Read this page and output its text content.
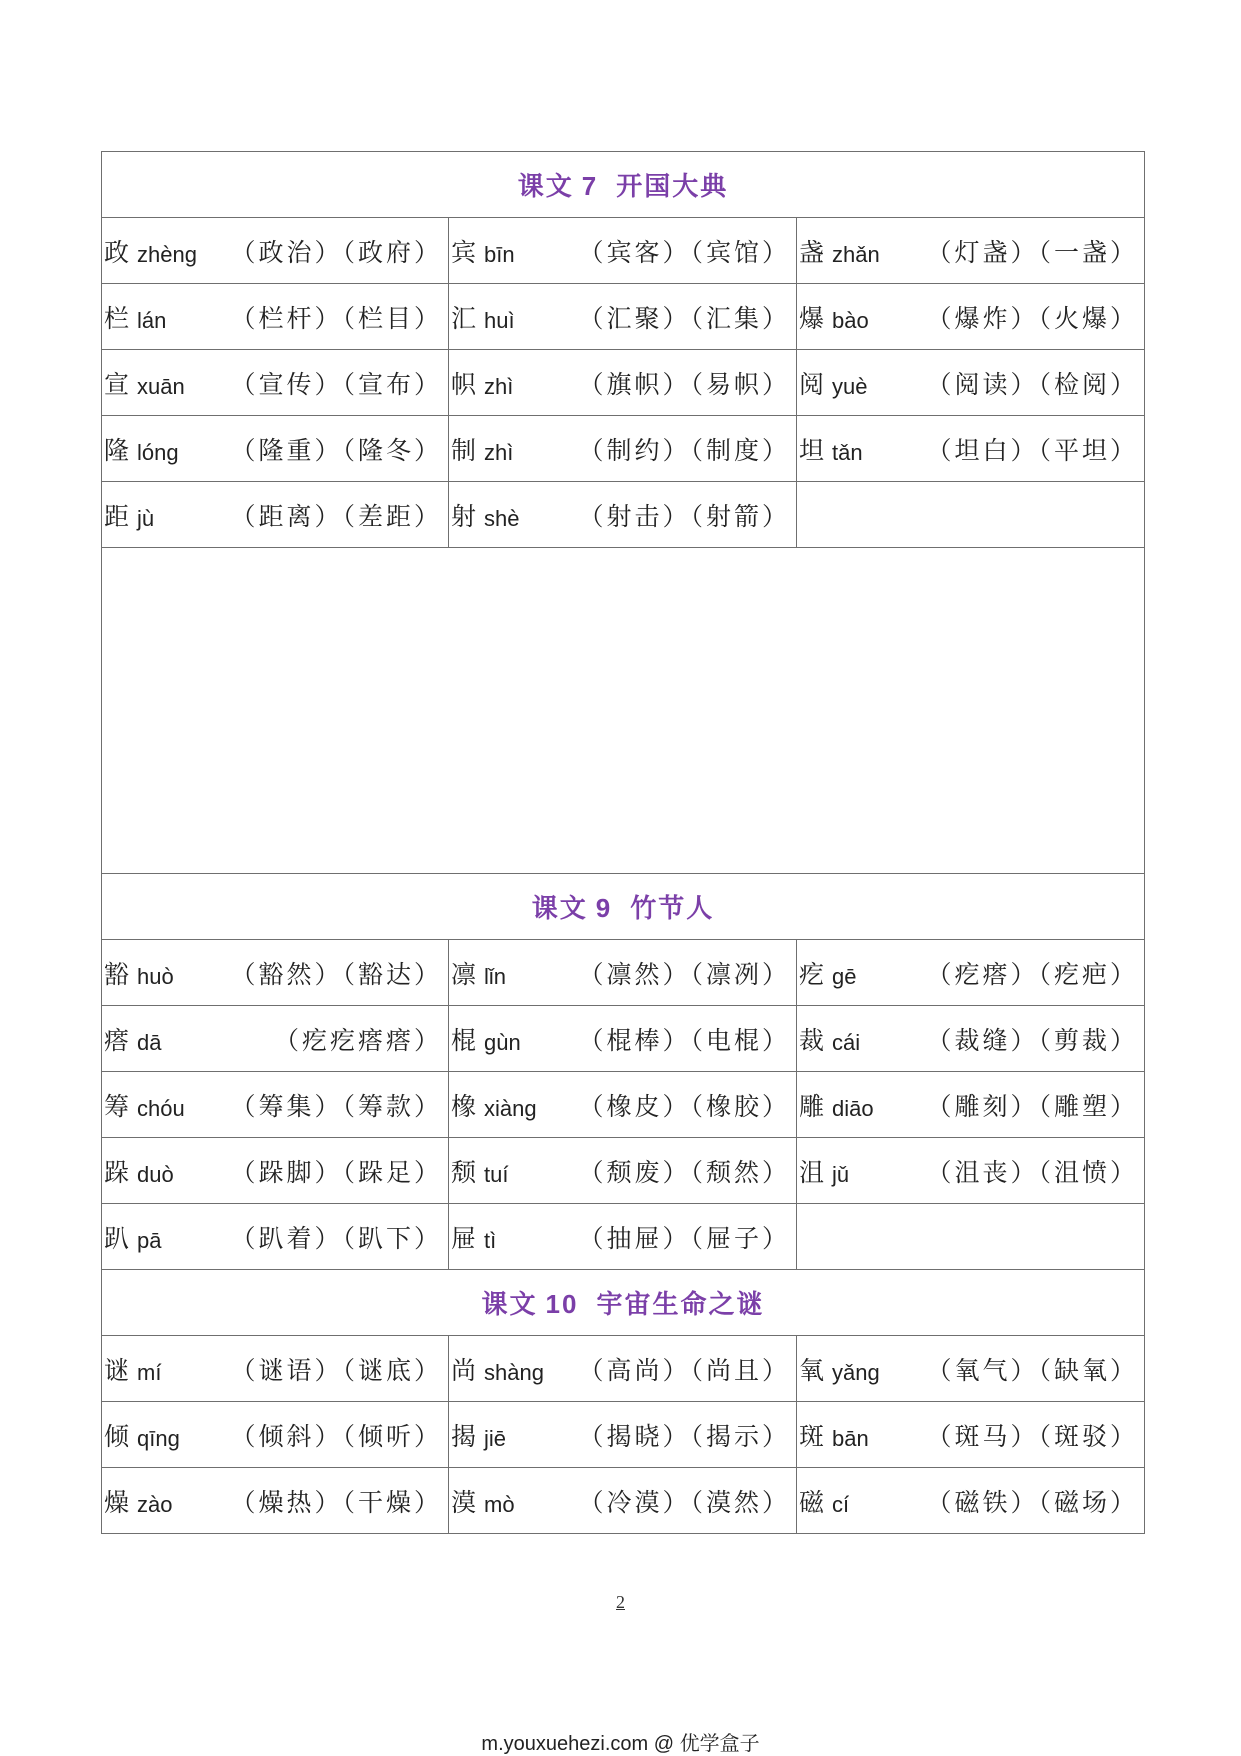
课文 7 开国大典		

政 zhèng （政治）（政府）	宾 bīn （宾客）（宾馆）	盏 zhǎn （灯盏）（一盏）

栏 lán （栏杆）（栏目）	汇 huì （汇聚）（汇集）	爆 bào （爆炸）（火爆）

宣 xuān （宣传）（宣布）	帜 zhì （旗帜）（易帜）	阅 yuè （阅读）（检阅）

隆 lóng （隆重）（隆冬）	制 zhì （制约）（制度）	坦 tǎn （坦白）（平坦）

距 jù （距离）（差距）	射 shè （射击）（射箭）	

课文 9 竹节人		

豁 huò （豁然）（豁达）	凛 lǐn （凛然）（凛冽）	疙 gē （疙瘩）（疙疤）

瘩 dā （疙疙瘩瘩）	棍 gùn （棍棒）（电棍）	裁 cái （裁缝）（剪裁）

筹 chóu （筹集）（筹款）	橡 xiàng （橡皮）（橡胶）	雕 diāo （雕刻）（雕塑）

跺 duò （跺脚）（跺足）	颓 tuí （颓废）（颓然）	沮 jǔ （沮丧）（沮愤）

趴 pā （趴着）（趴下）	屉 tì （抽屉）（屉子）	

课文 10 宇宙生命之谜		

谜 mí （谜语）（谜底）	尚 shàng （高尚）（尚且）	氧 yǎng （氧气）（缺氧）

倾 qīng （倾斜）（倾听）	揭 jiē （揭晓）（揭示）	斑 bān （斑马）（斑驳）

燥 zào （燥热）（干燥）	漠 mò （冷漠）（漠然）	磁 cí （磁铁）（磁场）
2
m.youxuehezi.com @ 优学盒子
